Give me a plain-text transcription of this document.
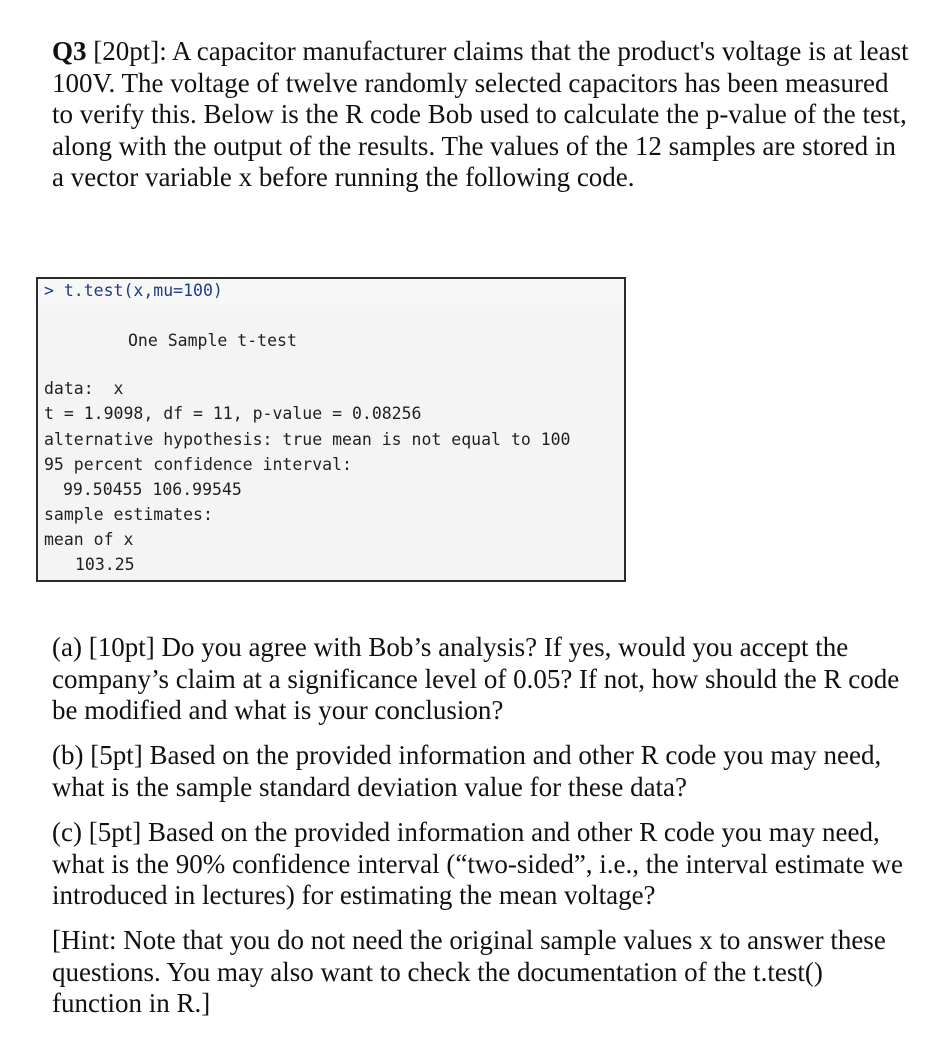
Q3 [20pt]: A capacitor manufacturer claims that the product's voltage is at least 100V. The voltage of twelve randomly selected capacitors has been measured to verify this. Below is the R code Bob used to calculate the p-value of the test, along with the output of the results. The values of the 12 samples are stored in a vector variable x before running the following code.
> t.test(x,mu=100)
One Sample t-test
data:  x
t = 1.9098, df = 11, p-value = 0.08256
alternative hypothesis: true mean is not equal to 100
95 percent confidence interval:
99.50455 106.99545
sample estimates:
mean of x
103.25
(a) [10pt] Do you agree with Bob’s analysis? If yes, would you accept the company’s claim at a significance level of 0.05? If not, how should the R code be modified and what is your conclusion?
(b) [5pt] Based on the provided information and other R code you may need, what is the sample standard deviation value for these data?
(c) [5pt] Based on the provided information and other R code you may need, what is the 90% confidence interval (“two-sided”, i.e., the interval estimate we introduced in lectures) for estimating the mean voltage?
[Hint: Note that you do not need the original sample values x to answer these questions. You may also want to check the documentation of the t.test() function in R.]
